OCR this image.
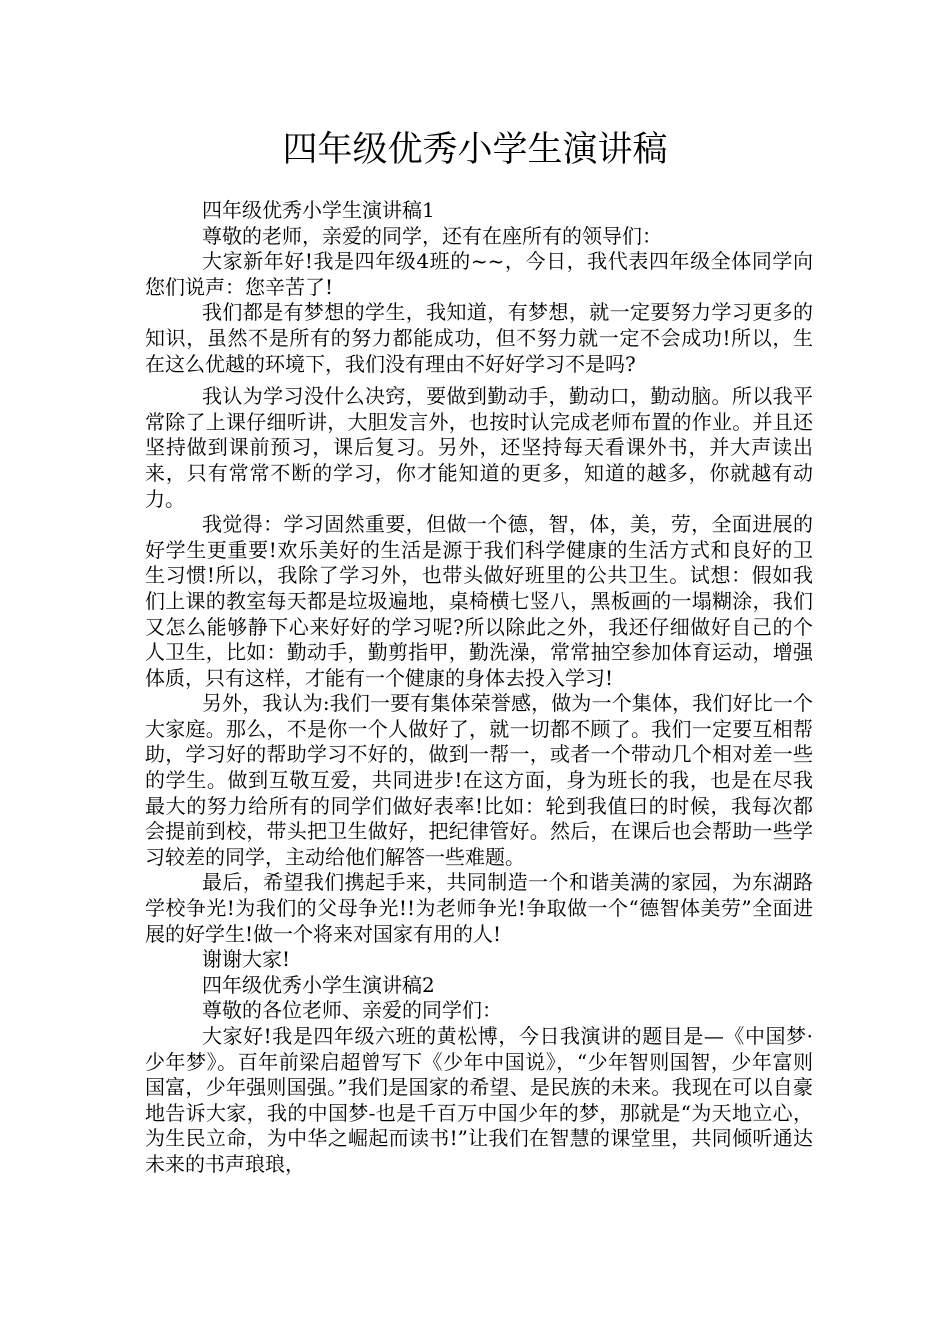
四年级优秀小学生演讲稿

四年级优秀小学生演讲稿1

尊敬的老师，亲爱的同学，还有在座所有的领导们：

大家新年好!我是四年级4班的~~，今日，我代表四年级全体同学向您们说声：您辛苦了!

我们都是有梦想的学生，我知道，有梦想，就一定要努力学习更多的知识，虽然不是所有的努力都能成功，但不努力就一定不会成功!所以，生在这么优越的环境下，我们没有理由不好好学习不是吗?

我认为学习没什么决窍，要做到勤动手，勤动口，勤动脑。所以我平常除了上课仔细听讲，大胆发言外，也按时认完成老师布置的作业。并且还坚持做到课前预习，课后复习。另外，还坚持每天看课外书，并大声读出来，只有常常不断的学习，你才能知道的更多，知道的越多，你就越有动力。

我觉得：学习固然重要，但做一个德，智，体，美，劳，全面进展的好学生更重要!欢乐美好的生活是源于我们科学健康的生活方式和良好的卫生习惯!所以，我除了学习外，也带头做好班里的公共卫生。试想：假如我们上课的教室每天都是垃圾遍地，桌椅横七竖八，黑板画的一塌糊涂，我们又怎么能够静下心来好好的学习呢?所以除此之外，我还仔细做好自己的个人卫生，比如：勤动手，勤剪指甲，勤洗澡，常常抽空参加体育运动，增强体质，只有这样，才能有一个健康的身体去投入学习!

另外，我认为:我们一要有集体荣誉感，做为一个集体，我们好比一个大家庭。那么，不是你一个人做好了，就一切都不顾了。我们一定要互相帮助，学习好的帮助学习不好的，做到一帮一，或者一个带动几个相对差一些的学生。做到互敬互爱，共同进步!在这方面，身为班长的我，也是在尽我最大的努力给所有的同学们做好表率!比如：轮到我值曰的时候，我每次都会提前到校，带头把卫生做好，把纪律管好。然后，在课后也会帮助一些学习较差的同学，主动给他们解答一些难题。

最后，希望我们携起手来，共同制造一个和谐美满的家园，为东湖路学校争光!为我们的父母争光!!为老师争光!争取做一个“德智体美劳”全面进展的好学生!做一个将来对国家有用的人!

谢谢大家!

四年级优秀小学生演讲稿2

尊敬的各位老师、亲爱的同学们：

大家好!我是四年级六班的黄松博，今日我演讲的题目是—《中国梦·少年梦》。百年前梁启超曾写下《少年中国说》，“少年智则国智，少年富则国富，少年强则国强。”我们是国家的希望、是民族的未来。我现在可以自豪地告诉大家，我的中国梦-也是千百万中国少年的梦，那就是“为天地立心，为生民立命，为中华之崛起而读书!”让我们在智慧的课堂里，共同倾听通达未来的书声琅琅，
